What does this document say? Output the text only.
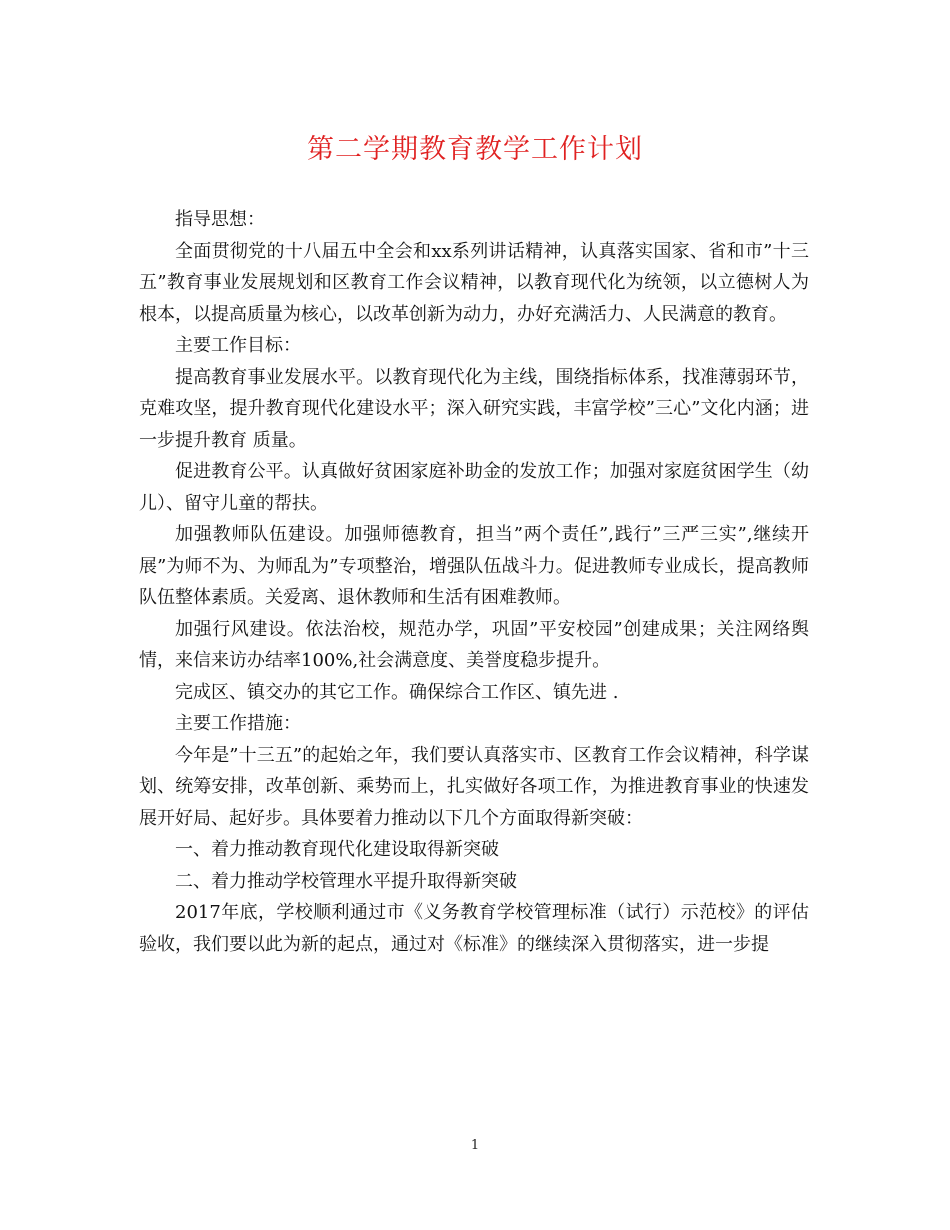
第二学期教育教学工作计划

指导思想：

全面贯彻党的十八届五中全会和xx系列讲话精神，认真落实国家、省和市”十三五”教育事业发展规划和区教育工作会议精神，以教育现代化为统领，以立德树人为根本，以提高质量为核心，以改革创新为动力，办好充满活力、人民满意的教育。

主要工作目标：

提高教育事业发展水平。以教育现代化为主线，围绕指标体系，找准薄弱环节，克难攻坚，提升教育现代化建设水平；深入研究实践，丰富学校”三心”文化内涵；进一步提升教育 质量。

促进教育公平。认真做好贫困家庭补助金的发放工作；加强对家庭贫困学生（幼儿）、留守儿童的帮扶。

加强教师队伍建设。加强师德教育，担当”两个责任”,践行”三严三实”,继续开展”为师不为、为师乱为”专项整治，增强队伍战斗力。促进教师专业成长，提高教师队伍整体素质。关爱离、退休教师和生活有困难教师。

加强行风建设。依法治校，规范办学，巩固”平安校园”创建成果；关注网络舆情，来信来访办结率100%,社会满意度、美誉度稳步提升。

完成区、镇交办的其它工作。确保综合工作区、镇先进 .

主要工作措施：

今年是”十三五”的起始之年，我们要认真落实市、区教育工作会议精神，科学谋划、统筹安排，改革创新、乘势而上，扎实做好各项工作，为推进教育事业的快速发展开好局、起好步。具体要着力推动以下几个方面取得新突破：

一、着力推动教育现代化建设取得新突破

二、着力推动学校管理水平提升取得新突破

2017年底，学校顺利通过市《义务教育学校管理标准（试行）示范校》的评估验收，我们要以此为新的起点，通过对《标准》的继续深入贯彻落实，进一步提

1
